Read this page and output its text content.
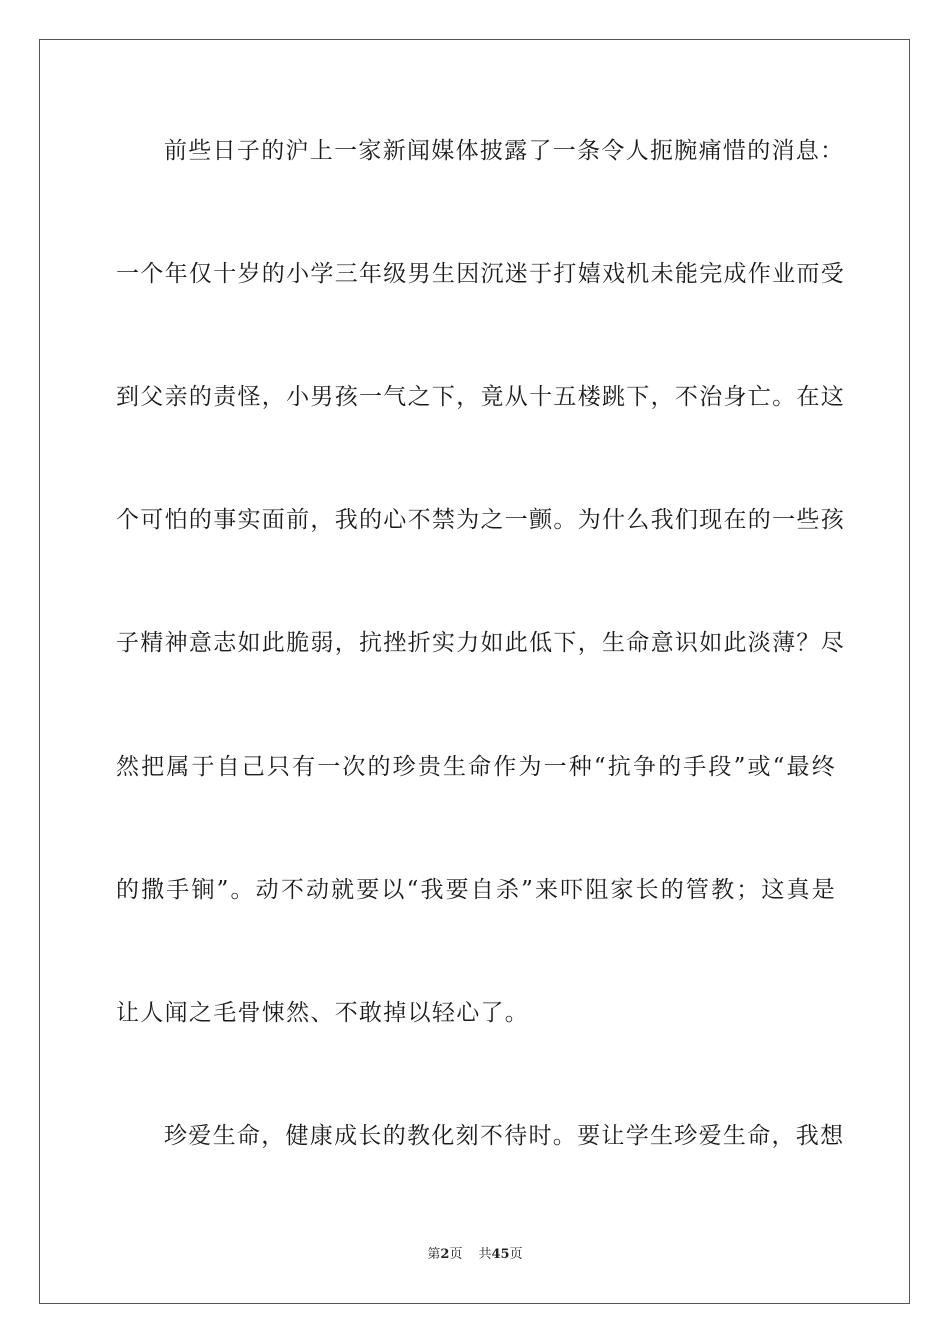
前些日子的沪上一家新闻媒体披露了一条令人扼腕痛惜的消息：
一个年仅十岁的小学三年级男生因沉迷于打嬉戏机未能完成作业而受
到父亲的责怪，小男孩一气之下，竟从十五楼跳下，不治身亡。在这
个可怕的事实面前，我的心不禁为之一颤。为什么我们现在的一些孩
子精神意志如此脆弱，抗挫折实力如此低下，生命意识如此淡薄？尽
然把属于自己只有一次的珍贵生命作为一种“抗争的手段”或“最终
的撒手锏”。动不动就要以“我要自杀”来吓阻家长的管教；这真是
让人闻之毛骨悚然、不敢掉以轻心了。
珍爱生命，健康成长的教化刻不待时。要让学生珍爱生命，我想
第2页 共45页
